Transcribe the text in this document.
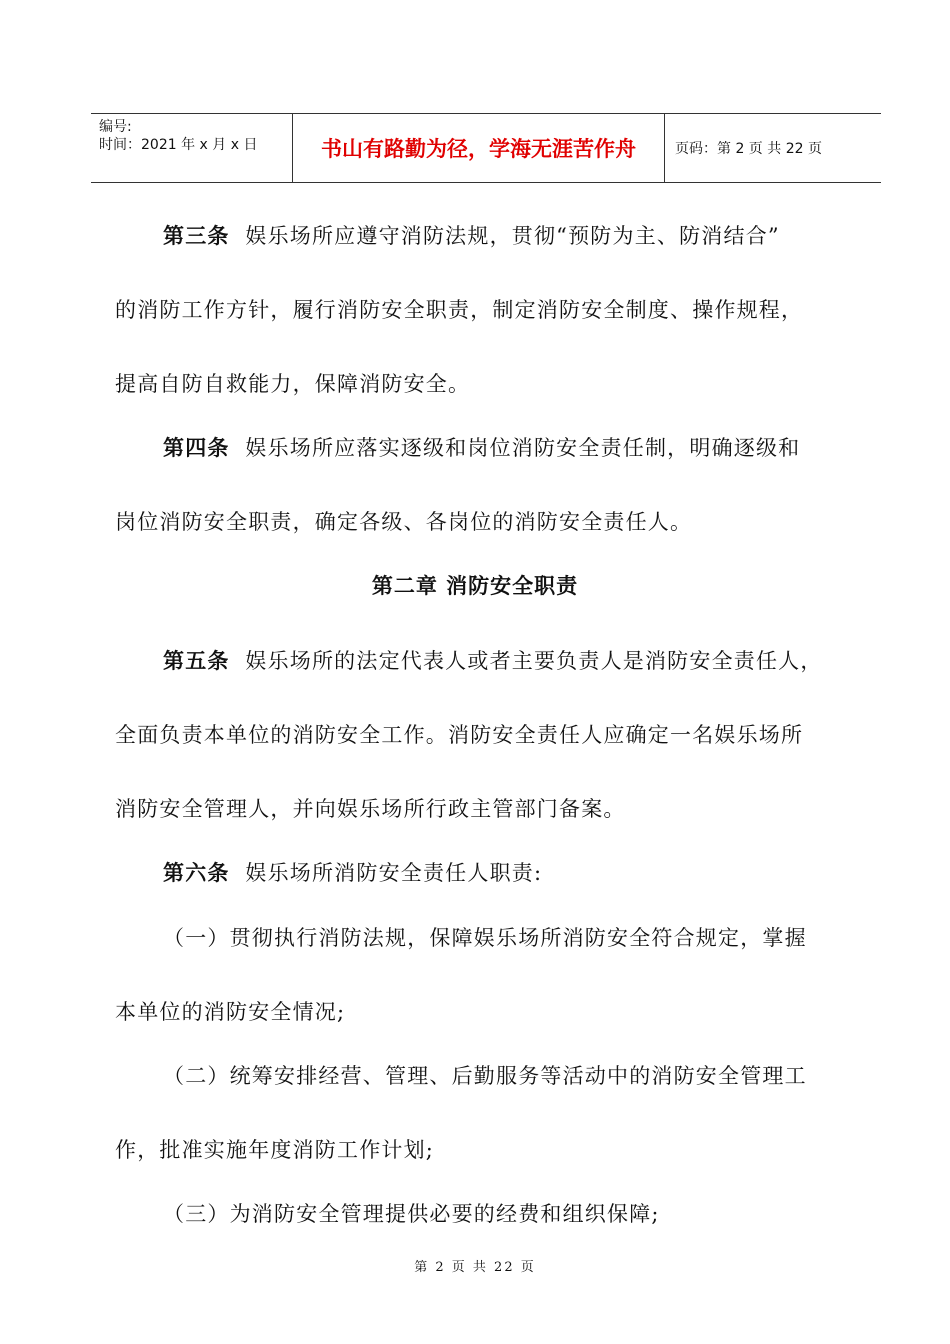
编号:
时间：2021 年 x 月 x 日	书山有路勤为径，学海无涯苦作舟	页码：第 2 页 共 22 页
第三条 娱乐场所应遵守消防法规，贯彻“预防为主、防消结合”
的消防工作方针，履行消防安全职责，制定消防安全制度、操作规程，
提高自防自救能力，保障消防安全。
第四条 娱乐场所应落实逐级和岗位消防安全责任制，明确逐级和
岗位消防安全职责，确定各级、各岗位的消防安全责任人。
第二章 消防安全职责
第五条 娱乐场所的法定代表人或者主要负责人是消防安全责任人，
全面负责本单位的消防安全工作。消防安全责任人应确定一名娱乐场所
消防安全管理人，并向娱乐场所行政主管部门备案。
第六条 娱乐场所消防安全责任人职责:
（一）贯彻执行消防法规，保障娱乐场所消防安全符合规定，掌握
本单位的消防安全情况;
（二）统筹安排经营、管理、后勤服务等活动中的消防安全管理工
作，批准实施年度消防工作计划;
（三）为消防安全管理提供必要的经费和组织保障;
第 2 页 共 22 页
